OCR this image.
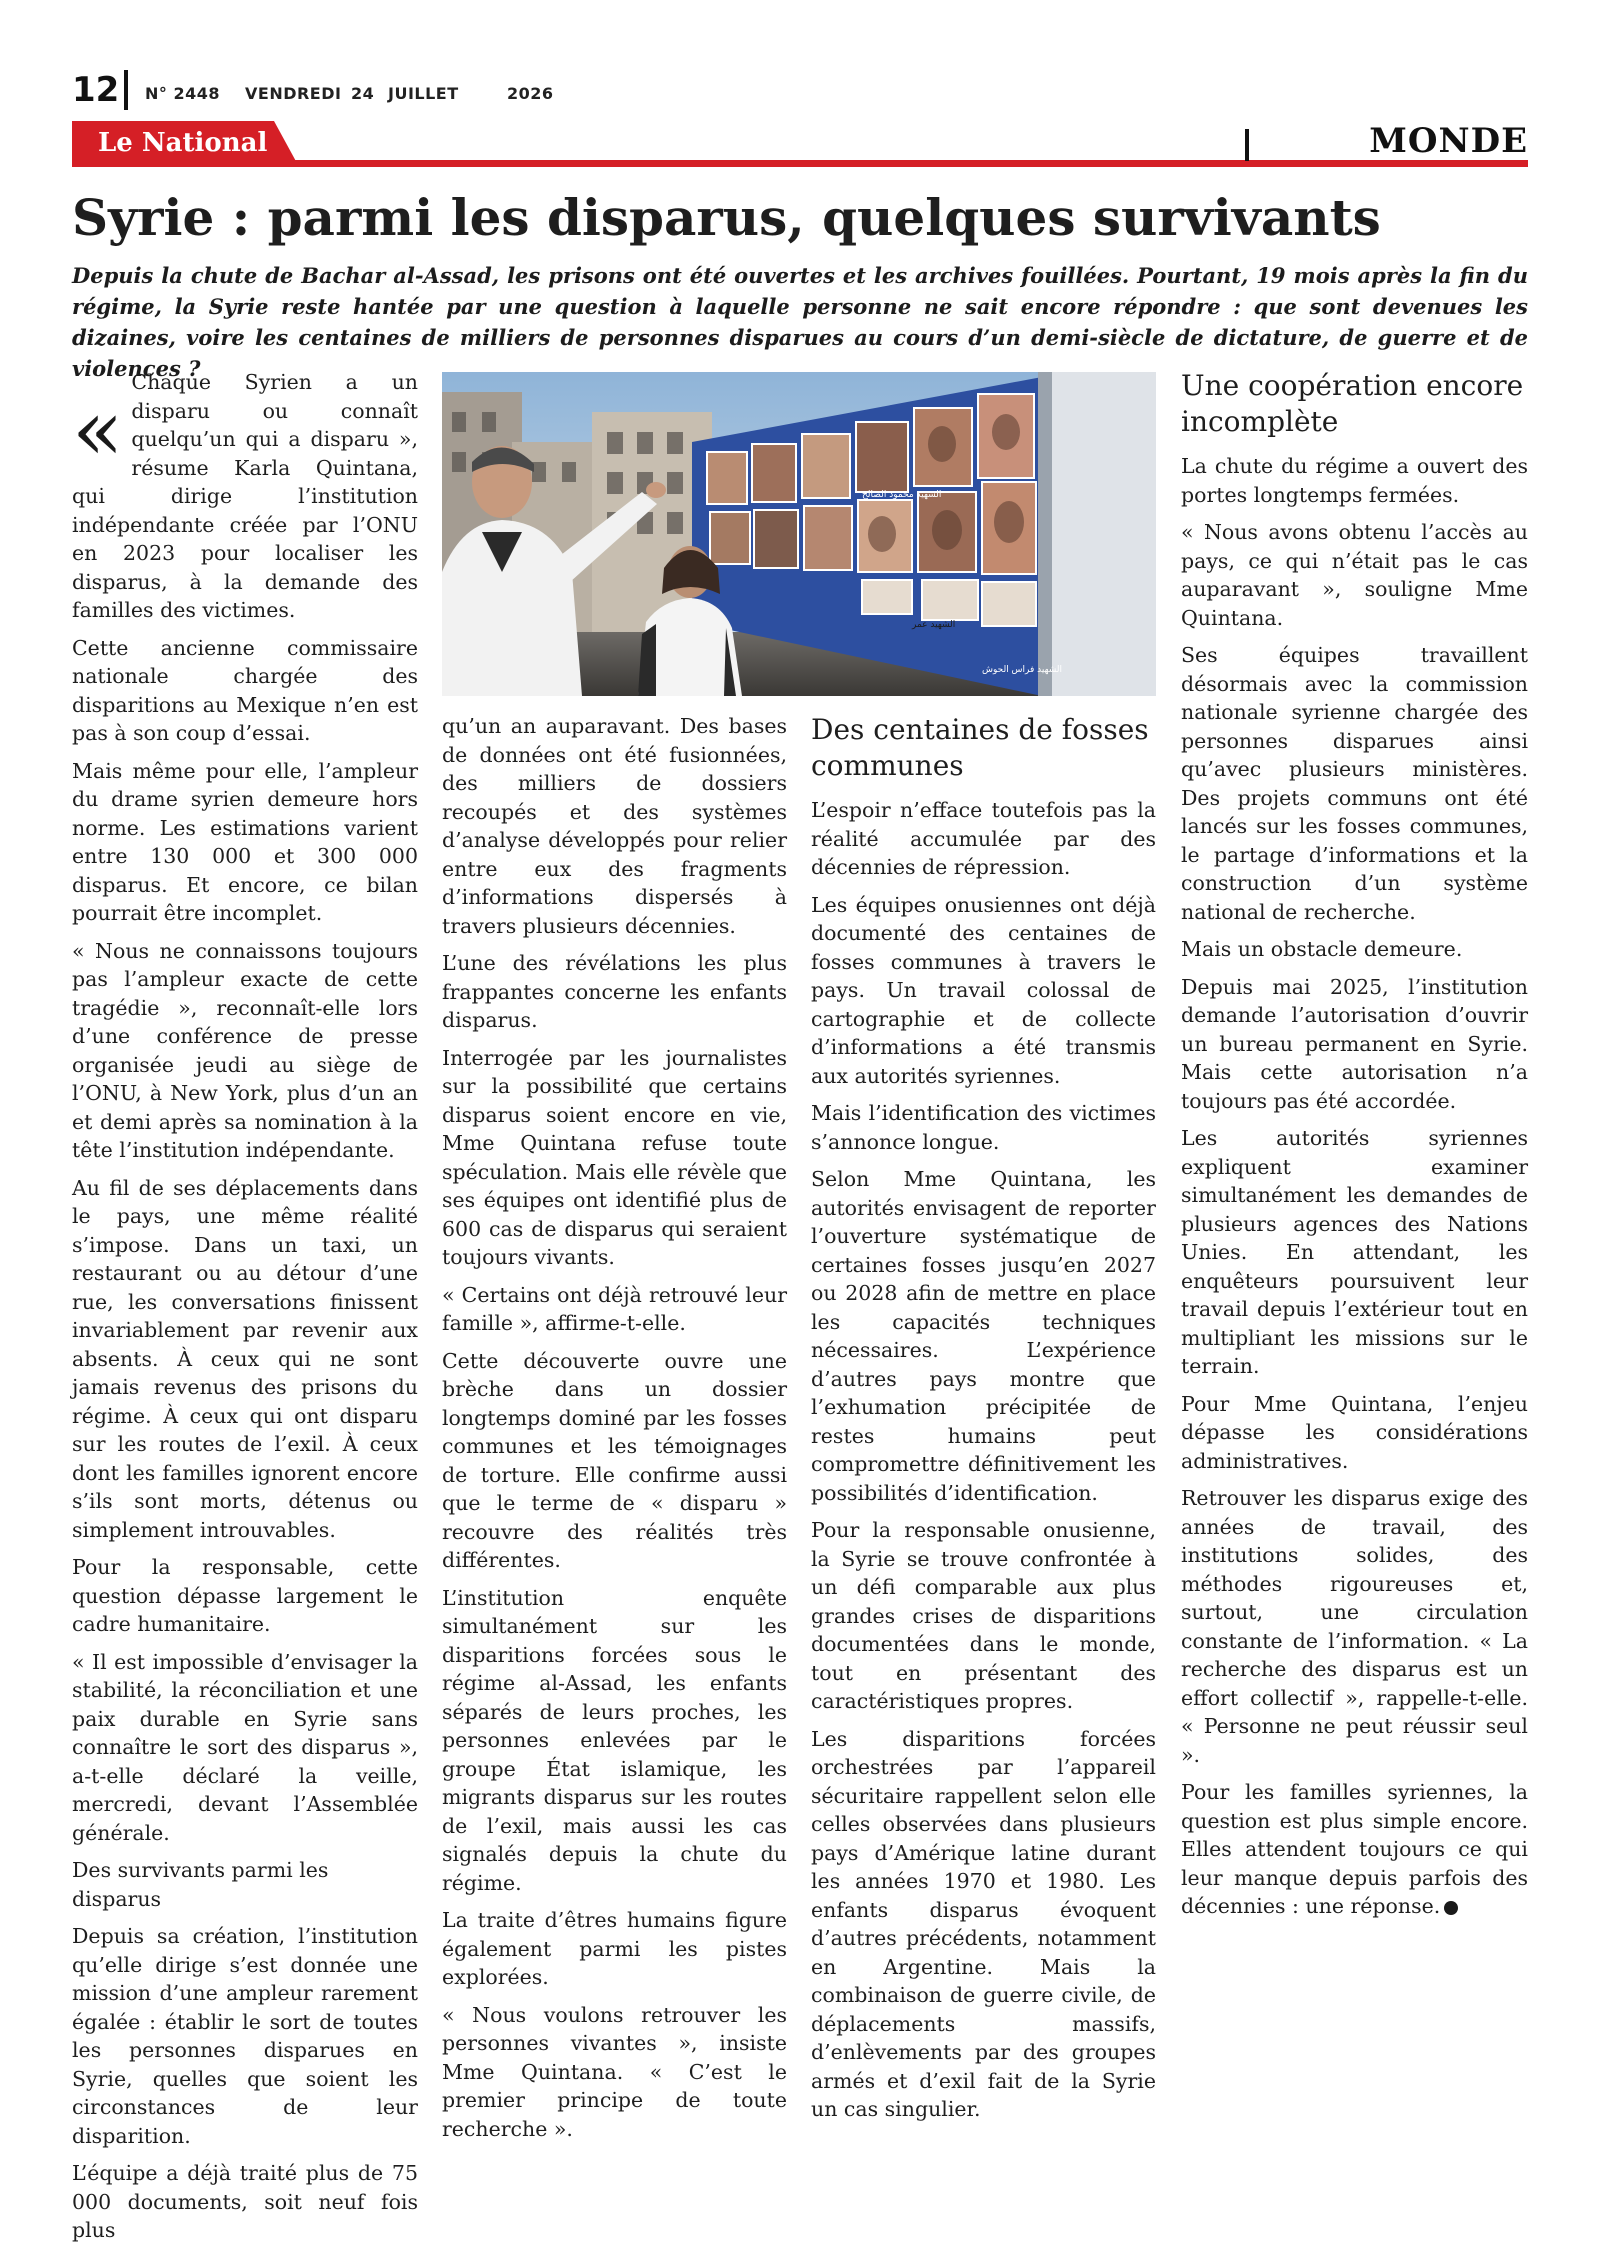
12 N° 2448 VENDREDI 24 JUILLET	2026
Le National	MONDE
Syrie : parmi les disparus, quelques survivants

Depuis la chute de Bachar al-Assad, les prisons ont été ouvertes et les archives fouillées. Pourtant, 19 mois après la fin du régime, la Syrie reste hantée par une question à laquelle personne ne sait encore répondre : que sont devenues les dizaines, voire les centaines de milliers de personnes disparues au cours d’un demi-siècle de dictature, de guerre et de violences ?

« Chaque Syrien a un disparu ou connaît quelqu’un qui a disparu », résume Karla Quintana, qui dirige l’institution indépendante créée par l’ONU en 2023 pour localiser les disparus, à la demande des familles des victimes.

Cette ancienne commissaire nationale chargée des disparitions au Mexique n’en est pas à son coup d’essai.

Mais même pour elle, l’ampleur du drame syrien demeure hors norme. Les estimations varient entre 130 000 et 300 000 disparus. Et encore, ce bilan pourrait être incomplet.

« Nous ne connaissons toujours pas l’ampleur exacte de cette tragédie », reconnaît-elle lors d’une conférence de presse organisée jeudi au siège de l’ONU, à New York, plus d’un an et demi après sa nomination à la tête l’institution indépendante.

Au fil de ses déplacements dans le pays, une même réalité s’impose. Dans un taxi, un restaurant ou au détour d’une rue, les conversations finissent invariablement par revenir aux absents. À ceux qui ne sont jamais revenus des prisons du régime. À ceux qui ont disparu sur les routes de l’exil. À ceux dont les familles ignorent encore s’ils sont morts, détenus ou simplement introuvables.

Pour la responsable, cette question dépasse largement le cadre humanitaire.

« Il est impossible d’envisager la stabilité, la réconciliation et une paix durable en Syrie sans connaître le sort des disparus », a-t-elle déclaré la veille, mercredi, devant l’Assemblée générale.

Des survivants parmi les disparus

Depuis sa création, l’institution qu’elle dirige s’est donnée une mission d’une ampleur rarement égalée : établir le sort de toutes les personnes disparues en Syrie, quelles que soient les circonstances de leur disparition.

L’équipe a déjà traité plus de 75 000 documents, soit neuf fois plus

الشهيد محمود الصالح
الشهيد فراس الحوش
الشهيد عمر

qu’un an auparavant. Des bases de données ont été fusionnées, des milliers de dossiers recoupés et des systèmes d’analyse développés pour relier entre eux des fragments d’informations dispersés à travers plusieurs décennies.

L’une des révélations les plus frappantes concerne les enfants disparus.

Interrogée par les journalistes sur la possibilité que certains disparus soient encore en vie, Mme Quintana refuse toute spéculation. Mais elle révèle que ses équipes ont identifié plus de 600 cas de disparus qui seraient toujours vivants.

« Certains ont déjà retrouvé leur famille », affirme-t-elle.

Cette découverte ouvre une brèche dans un dossier longtemps dominé par les fosses communes et les témoignages de torture. Elle confirme aussi que le terme de « disparu » recouvre des réalités très différentes.

L’institution enquête simultanément sur les disparitions forcées sous le régime al-Assad, les enfants séparés de leurs proches, les personnes enlevées par le groupe État islamique, les migrants disparus sur les routes de l’exil, mais aussi les cas signalés depuis la chute du régime.

La traite d’êtres humains figure également parmi les pistes explorées.

« Nous voulons retrouver les personnes vivantes », insiste Mme Quintana. « C’est le premier principe de toute recherche ».

Des centaines de fosses communes

L’espoir n’efface toutefois pas la réalité accumulée par des décennies de répression.

Les équipes onusiennes ont déjà documenté des centaines de fosses communes à travers le pays. Un travail colossal de cartographie et de collecte d’informations a été transmis aux autorités syriennes.

Mais l’identification des victimes s’annonce longue.

Selon Mme Quintana, les autorités envisagent de reporter l’ouverture systématique de certaines fosses jusqu’en 2027 ou 2028 afin de mettre en place les capacités techniques nécessaires. L’expérience d’autres pays montre que l’exhumation précipitée de restes humains peut compromettre définitivement les possibilités d’identification.

Pour la responsable onusienne, la Syrie se trouve confrontée à un défi comparable aux plus grandes crises de disparitions documentées dans le monde, tout en présentant des caractéristiques propres.

Les disparitions forcées orchestrées par l’appareil sécuritaire rappellent selon elle celles observées dans plusieurs pays d’Amérique latine durant les années 1970 et 1980. Les enfants disparus évoquent d’autres précédents, notamment en Argentine. Mais la combinaison de guerre civile, de déplacements massifs, d’enlèvements par des groupes armés et d’exil fait de la Syrie un cas singulier.

Une coopération encore incomplète

La chute du régime a ouvert des portes longtemps fermées.

« Nous avons obtenu l’accès au pays, ce qui n’était pas le cas auparavant », souligne Mme Quintana.

Ses équipes travaillent désormais avec la commission nationale syrienne chargée des personnes disparues ainsi qu’avec plusieurs ministères. Des projets communs ont été lancés sur les fosses communes, le partage d’informations et la construction d’un système national de recherche.

Mais un obstacle demeure.

Depuis mai 2025, l’institution demande l’autorisation d’ouvrir un bureau permanent en Syrie. Mais cette autorisation n’a toujours pas été accordée.

Les autorités syriennes expliquent examiner simultanément les demandes de plusieurs agences des Nations Unies. En attendant, les enquêteurs poursuivent leur travail depuis l’extérieur tout en multipliant les missions sur le terrain.

Pour Mme Quintana, l’enjeu dépasse les considérations administratives.

Retrouver les disparus exige des années de travail, des institutions solides, des méthodes rigoureuses et, surtout, une circulation constante de l’information. « La recherche des disparus est un effort collectif », rappelle-t-elle. « Personne ne peut réussir seul ».

Pour les familles syriennes, la question est plus simple encore. Elles attendent toujours ce qui leur manque depuis parfois des décennies : une réponse.
